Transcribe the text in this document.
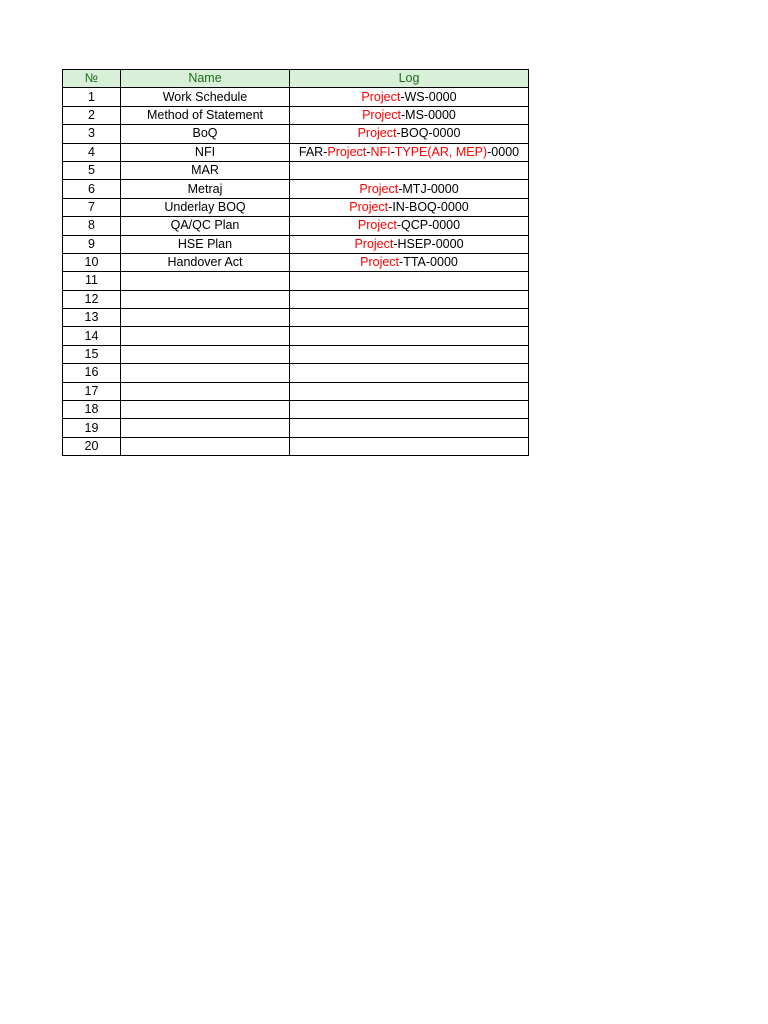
№	Name	Log
1	Work Schedule	Project-WS-0000
2	Method of Statement	Project-MS-0000
3	BoQ	Project-BOQ-0000
4	NFI	FAR-Project-NFI-TYPE(AR, MEP)-0000
5	MAR	
6	Metraj	Project-MTJ-0000
7	Underlay BOQ	Project-IN-BOQ-0000
8	QA/QC Plan	Project-QCP-0000
9	HSE Plan	Project-HSEP-0000
10	Handover Act	Project-TTA-0000
11		
12		
13		
14		
15		
16		
17		
18		
19		
20		
